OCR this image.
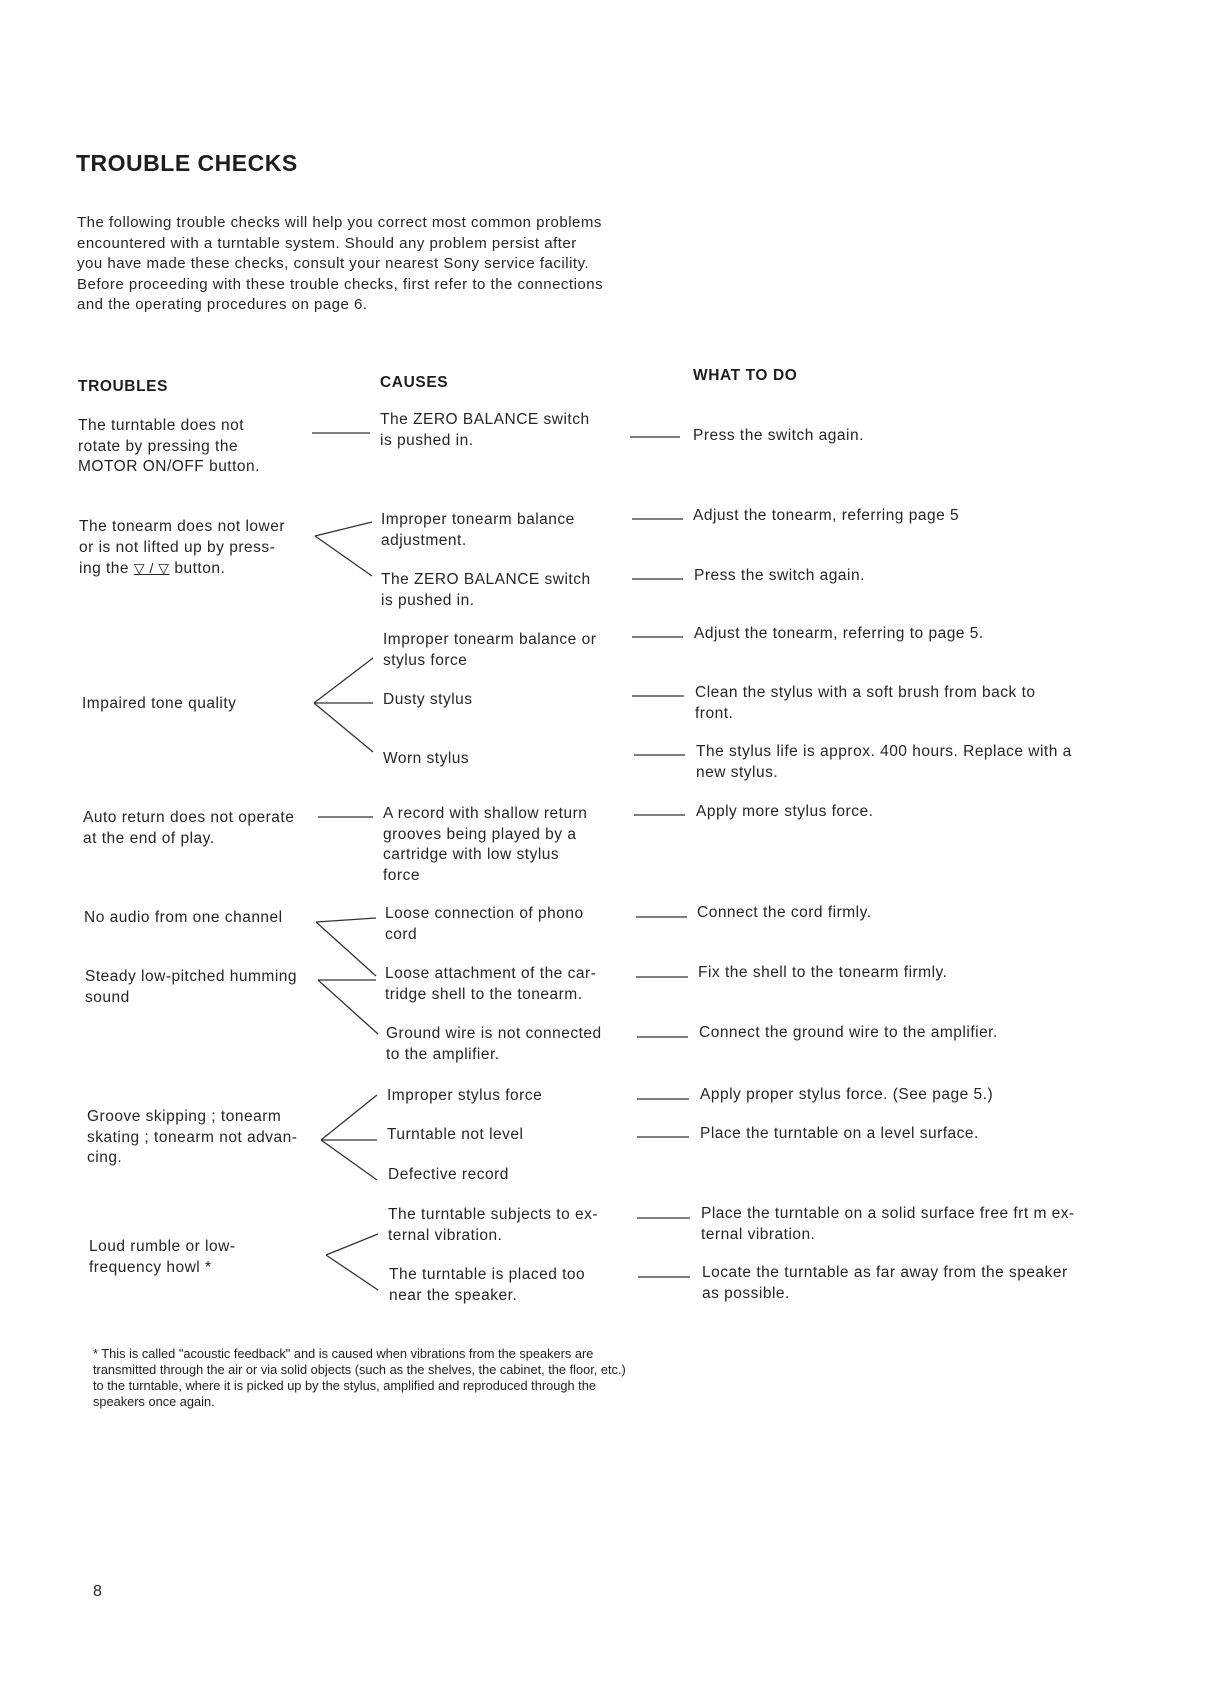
TROUBLE CHECKS

The following trouble checks will help you correct most common problems encountered with a turntable system. Should any problem persist after you have made these checks, consult your nearest Sony service facility.

Before proceeding with these trouble checks, first refer to the connections and the operating procedures on page 6.

TROUBLES	CAUSES	WHAT TO DO
The turntable does not
rotate by pressing the
MOTOR ON/OFF button.
The tonearm does not lower
or is not lifted up by press-
ing the ▽ / ▽ button.
Impaired tone quality
Auto return does not operate
at the end of play.
No audio from one channel
Steady low-pitched humming
sound
Groove skipping ; tonearm
skating ; tonearm not advan-
cing.
Loud rumble or low-
frequency howl *
The ZERO BALANCE switch
is pushed in.
Improper tonearm balance
adjustment.
The ZERO BALANCE switch
is pushed in.
Improper tonearm balance or
stylus force
Dusty stylus
Worn stylus
A record with shallow return
grooves being played by a
cartridge with low stylus
force
Loose connection of phono
cord
Loose attachment of the car-
tridge shell to the tonearm.
Ground wire is not connected
to the amplifier.
Improper stylus force
Turntable not level
Defective record
The turntable subjects to ex-
ternal vibration.
The turntable is placed too
near the speaker.
Press the switch again.
Adjust the tonearm, referring page 5
Press the switch again.
Adjust the tonearm, referring to page 5.
Clean the stylus with a soft brush from back to
front.
The stylus life is approx. 400 hours. Replace with a
new stylus.
Apply more stylus force.
Connect the cord firmly.
Fix the shell to the tonearm firmly.
Connect the ground wire to the amplifier.
Apply proper stylus force. (See page 5.)
Place the turntable on a level surface.
Place the turntable on a solid surface free frt m ex-
ternal vibration.
Locate the turntable as far away from the speaker
as possible.

* This is called "acoustic feedback" and is caused when vibrations from the speakers are transmitted through the air or via solid objects (such as the shelves, the cabinet, the floor, etc.) to the turntable, where it is picked up by the stylus, amplified and reproduced through the speakers once again.

8
